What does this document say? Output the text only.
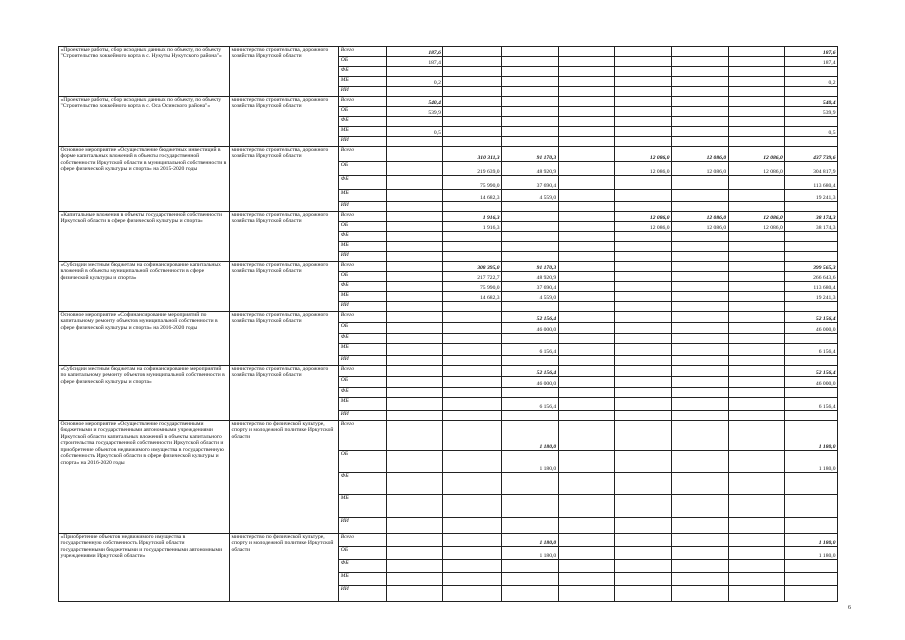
«Проектные работы, сбор исходных данных по объекту, по объекту "Строительство хоккейного корта в с. Нукуты Нукутского района"»	министерство строительства, дорожного хозяйства Иркутской области	Всего	187,6							187,6
		ОБ	187,4							187,4
		ФБ								
		МБ	0,2							0,2
		ИИ								
«Проектные работы, сбор исходных данных по объекту, по объекту "Строительство хоккейного корта в с. Оса Осинского района"»	министерство строительства, дорожного хозяйства Иркутской области	Всего	540,4							540,4
		ОБ	539,9							539,9
		ФБ								
		МБ	0,5							0,5
		ИИ								
Основное мероприятие «Осуществление бюджетных инвестиций в форме капитальных вложений в объекты государственной собственности Иркутской области в муниципальной собственности в сфере физической культуры и спорта» на 2015-2020 годы	министерство строительства, дорожного хозяйства Иркутской области	Всего		310 311,3	91 170,3		12 086,0	12 086,0	12 086,0	437 739,6
		ОБ		219 639,0	48 920,9		12 086,0	12 086,0	12 086,0	304 817,9
		ФБ		75 990,0	37 690,4					113 680,4
		МБ		14 682,3	4 559,0					19 241,3
		ИИ								
«Капитальные вложения в объекты государственной собственности Иркутской области в сфере физической культуры и спорта»	министерство строительства, дорожного хозяйства Иркутской области	Всего		1 916,3			12 086,0	12 086,0	12 086,0	38 174,3
		ОБ		1 916,3			12 086,0	12 086,0	12 086,0	38 174,3
		ФБ								
		МБ								
		ИИ								
«Субсидии местным бюджетам на софинансирование капитальных вложений в объекты муниципальной собственности в сфере физической культуры и спорта»	министерство строительства, дорожного хозяйства Иркутской области	Всего		308 395,0	91 170,3					399 565,3
		ОБ		217 722,7	48 920,9					266 643,6
		ФБ		75 990,0	37 690,4					113 680,4
		МБ		14 682,3	4 559,0					19 241,3
		ИИ								
Основное мероприятие «Софинансирование мероприятий по капитальному ремонту объектов муниципальной собственности в сфере физической культуры и спорта» на 2016-2020 годы	министерство строительства, дорожного хозяйства Иркутской области	Всего			52 156,4					52 156,4
		ОБ			46 000,0					46 000,0
		ФБ								
		МБ			6 156,4					6 156,4
		ИИ								
«Субсидии местным бюджетам на софинансирование мероприятий по капитальному ремонту объектов муниципальной собственности в сфере физической культуры и спорта»	министерство строительства, дорожного хозяйства Иркутской области	Всего			52 156,4					52 156,4
		ОБ			46 000,0					46 000,0
		ФБ								
		МБ			6 156,4					6 156,4
		ИИ								
Основное мероприятие «Осуществление государственными бюджетными и государственными автономными учреждениями Иркутской области капитальных вложений в объекты капитального строительства государственной собственности Иркутской области и приобретение объектов недвижимого имущества в государственную собственность Иркутской области в сфере физической культуры и спорта» на 2016-2020 годы	министерство по физической культуре, спорту и молодежной политике Иркутской области	Всего			1 180,0					1 180,0
		ОБ			1 180,0					1 180,0
		ФБ								
		МБ								
		ИИ								
«Приобретение объектов недвижимого имущества в государственную собственность Иркутской области государственными бюджетными и государственными автономными учреждениями Иркутской области»	министерство по физической культуре, спорту и молодежной политике Иркутской области	Всего			1 180,0					1 180,0
		ОБ			1 180,0					1 180,0
		ФБ								
		МБ								
		ИИ								
6
